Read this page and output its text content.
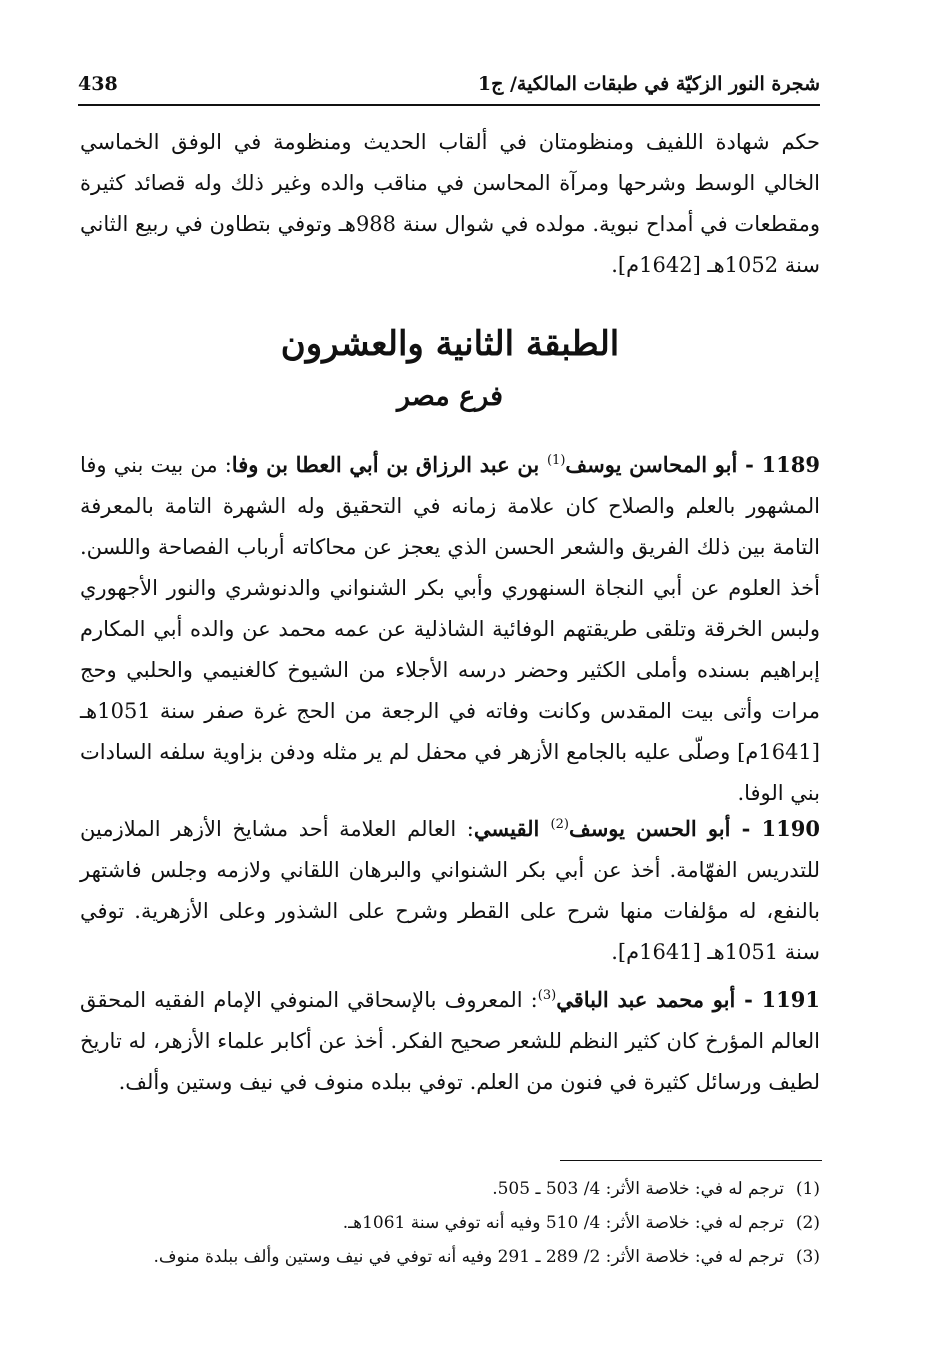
شجرة النور الزكيّة في طبقات المالكية/ ج1
438
حكم شهادة اللفيف ومنظومتان في ألقاب الحديث ومنظومة في الوفق الخماسي الخالي الوسط وشرحها ومرآة المحاسن في مناقب والده وغير ذلك وله قصائد كثيرة ومقطعات في أمداح نبوية. مولده في شوال سنة 988هـ وتوفي بتطاون في ربيع الثاني سنة 1052هـ [1642م].
الطبقة الثانية والعشرون
فرع مصر
1189 - أبو المحاسن يوسف$^{(1)}$ بن عبد الرزاق بن أبي العطا بن وفا: من بيت بني وفا المشهور بالعلم والصلاح كان علامة زمانه في التحقيق وله الشهرة التامة بالمعرفة التامة بين ذلك الفريق والشعر الحسن الذي يعجز عن محاكاته أرباب الفصاحة واللسن. أخذ العلوم عن أبي النجاة السنهوري وأبي بكر الشنواني والدنوشري والنور الأجهوري ولبس الخرقة وتلقى طريقتهم الوفائية الشاذلية عن عمه محمد عن والده أبي المكارم إبراهيم بسنده وأملى الكثير وحضر درسه الأجلاء من الشيوخ كالغنيمي والحلبي وحج مرات وأتى بيت المقدس وكانت وفاته في الرجعة من الحج غرة صفر سنة 1051هـ [1641م] وصلّى عليه بالجامع الأزهر في محفل لم ير مثله ودفن بزاوية سلفه السادات بني الوفا.
1190 - أبو الحسن يوسف$^{(2)}$ القيسي: العالم العلامة أحد مشايخ الأزهر الملازمين للتدريس الفهّامة. أخذ عن أبي بكر الشنواني والبرهان اللقاني ولازمه وجلس فاشتهر بالنفع، له مؤلفات منها شرح على القطر وشرح على الشذور وعلى الأزهرية. توفي سنة 1051هـ [1641م].
1191 - أبو محمد عبد الباقي$^{(3)}$: المعروف بالإسحاقي المنوفي الإمام الفقيه المحقق العالم المؤرخ كان كثير النظم للشعر صحيح الفكر. أخذ عن أكابر علماء الأزهر، له تاريخ لطيف ورسائل كثيرة في فنون من العلم. توفي ببلده منوف في نيف وستين وألف.
(1)
ترجم له في: خلاصة الأثر: 4/ 503 ـ 505.
(2)
ترجم له في: خلاصة الأثر: 4/ 510 وفيه أنه توفي سنة 1061هـ.
(3)
ترجم له في: خلاصة الأثر: 2/ 289 ـ 291 وفيه أنه توفي في نيف وستين وألف ببلدة منوف.
